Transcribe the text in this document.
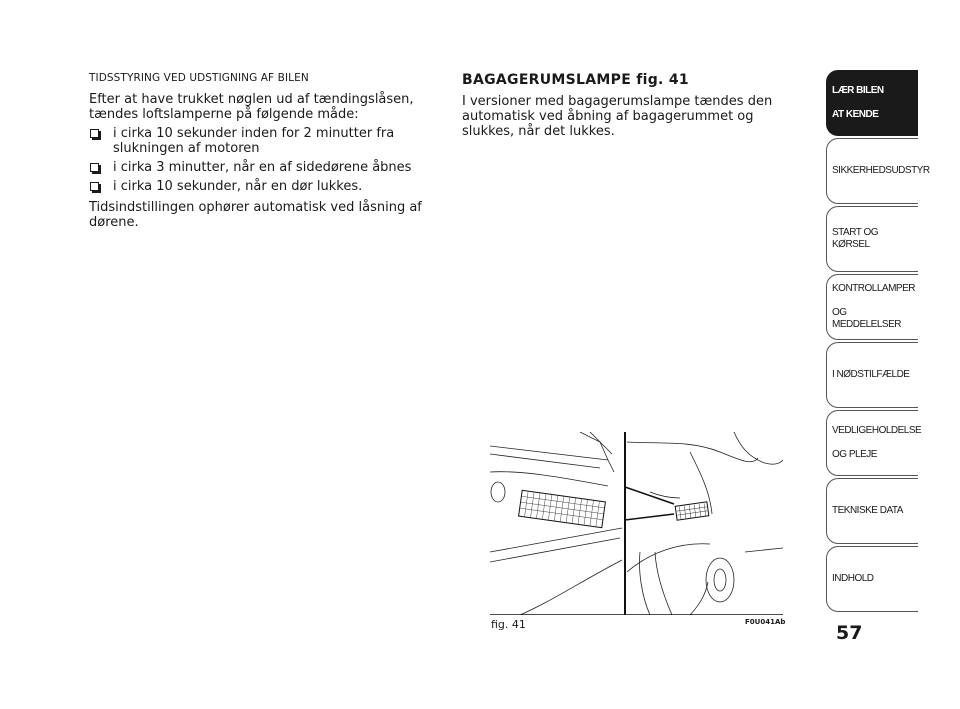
TIDSSTYRING VED UDSTIGNING AF BILEN

Efter at have trukket nøglen ud af tændingslåsen, tændes loftslamperne på følgende måde:

i cirka 10 sekunder inden for 2 minutter fra slukningen af motoren
i cirka 3 minutter, når en af sidedørene åbnes
i cirka 10 sekunder, når en dør lukkes.

Tidsindstillingen ophører automatisk ved låsning af dørene.

BAGAGERUMSLAMPE fig. 41

I versioner med bagagerumslampe tændes den automatisk ved åbning af bagagerummet og slukkes, når det lukkes.

fig. 41	F0U041Ab	57
LÆR BILEN

AT KENDE
SIKKERHEDSUDSTYR
START OG KØRSEL
KONTROLLAMPER

OG MEDDELELSER
I NØDSTILFÆLDE
VEDLIGEHOLDELSE

OG PLEJE
TEKNISKE DATA
INDHOLD
